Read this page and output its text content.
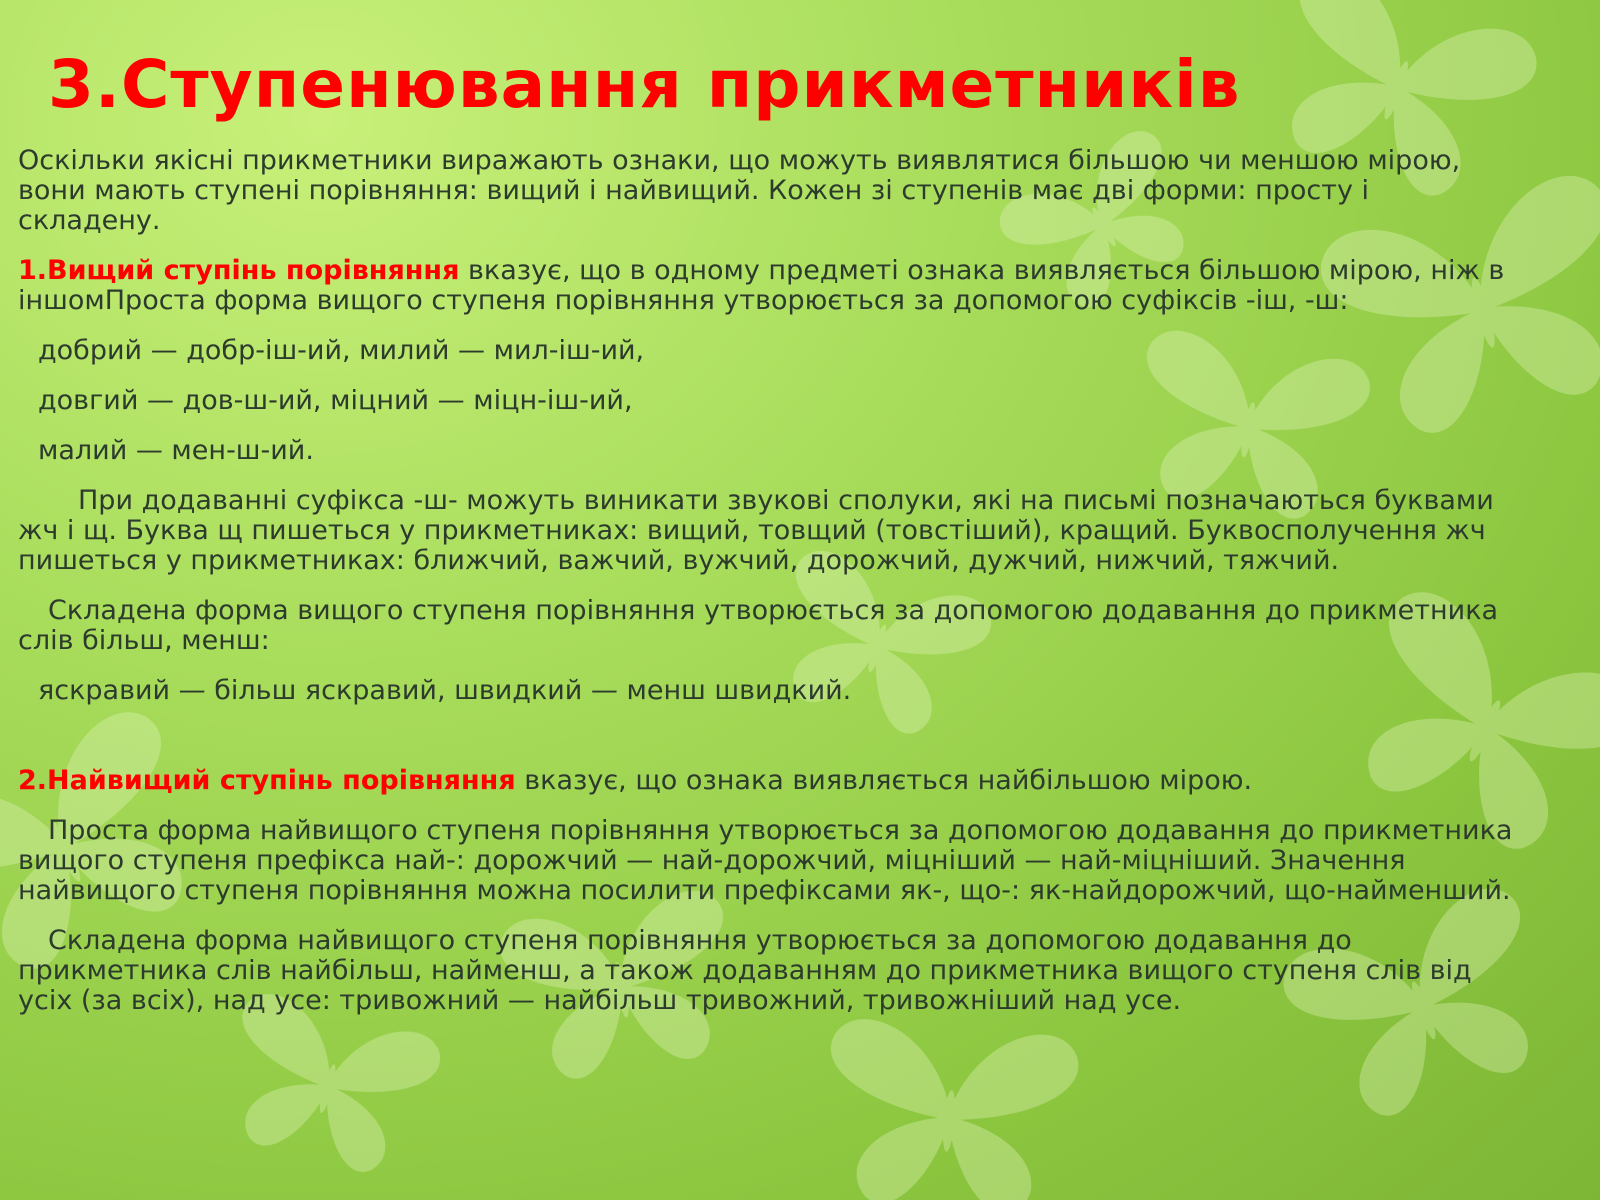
3.Ступенювання прикметників

Оскільки якісні прикметники виражають ознаки, що можуть виявлятися більшою чи меншою мірою, вони мають ступені порівняння: вищий і найвищий. Кожен зі ступенів має дві форми: просту і складену.

1.Вищий ступінь порівняння вказує, що в одному предметі ознака виявляється більшою мірою, ніж в іншомПроста форма вищого ступеня порівняння утворюється за допомогою суфіксів -іш, -ш:

добрий — добр-іш-ий, милий — мил-іш-ий,

довгий — дов-ш-ий, міцний — міцн-іш-ий,

малий — мен-ш-ий.

При додаванні суфікса -ш- можуть виникати звукові сполуки, які на письмі позначаються буквами жч і щ. Буква щ пишеться у прикметниках: вищий, товщий (товстіший), кращий. Буквосполучення жч пишеться у прикметниках: ближчий, важчий, вужчий, дорожчий, дужчий, нижчий, тяжчий.

Складена форма вищого ступеня порівняння утворюється за допомогою додавання до прикметника слів більш, менш:

яскравий — більш яскравий, швидкий — менш швидкий.

2.Найвищий ступінь порівняння вказує, що ознака виявляється найбільшою мірою.

Проста форма найвищого ступеня порівняння утворюється за допомогою додавання до прикметника вищого ступеня префікса най-: дорожчий — най-дорожчий, міцніший — най-міцніший. Значення найвищого ступеня порівняння можна посилити префіксами як-, що-: як-найдорожчий, що-найменший.

Складена форма найвищого ступеня порівняння утворюється за допомогою додавання до прикметника слів найбільш, найменш, а також додаванням до прикметника вищого ступеня слів від усіх (за всіх), над усе: тривожний — найбільш тривожний, тривожніший над усе.
